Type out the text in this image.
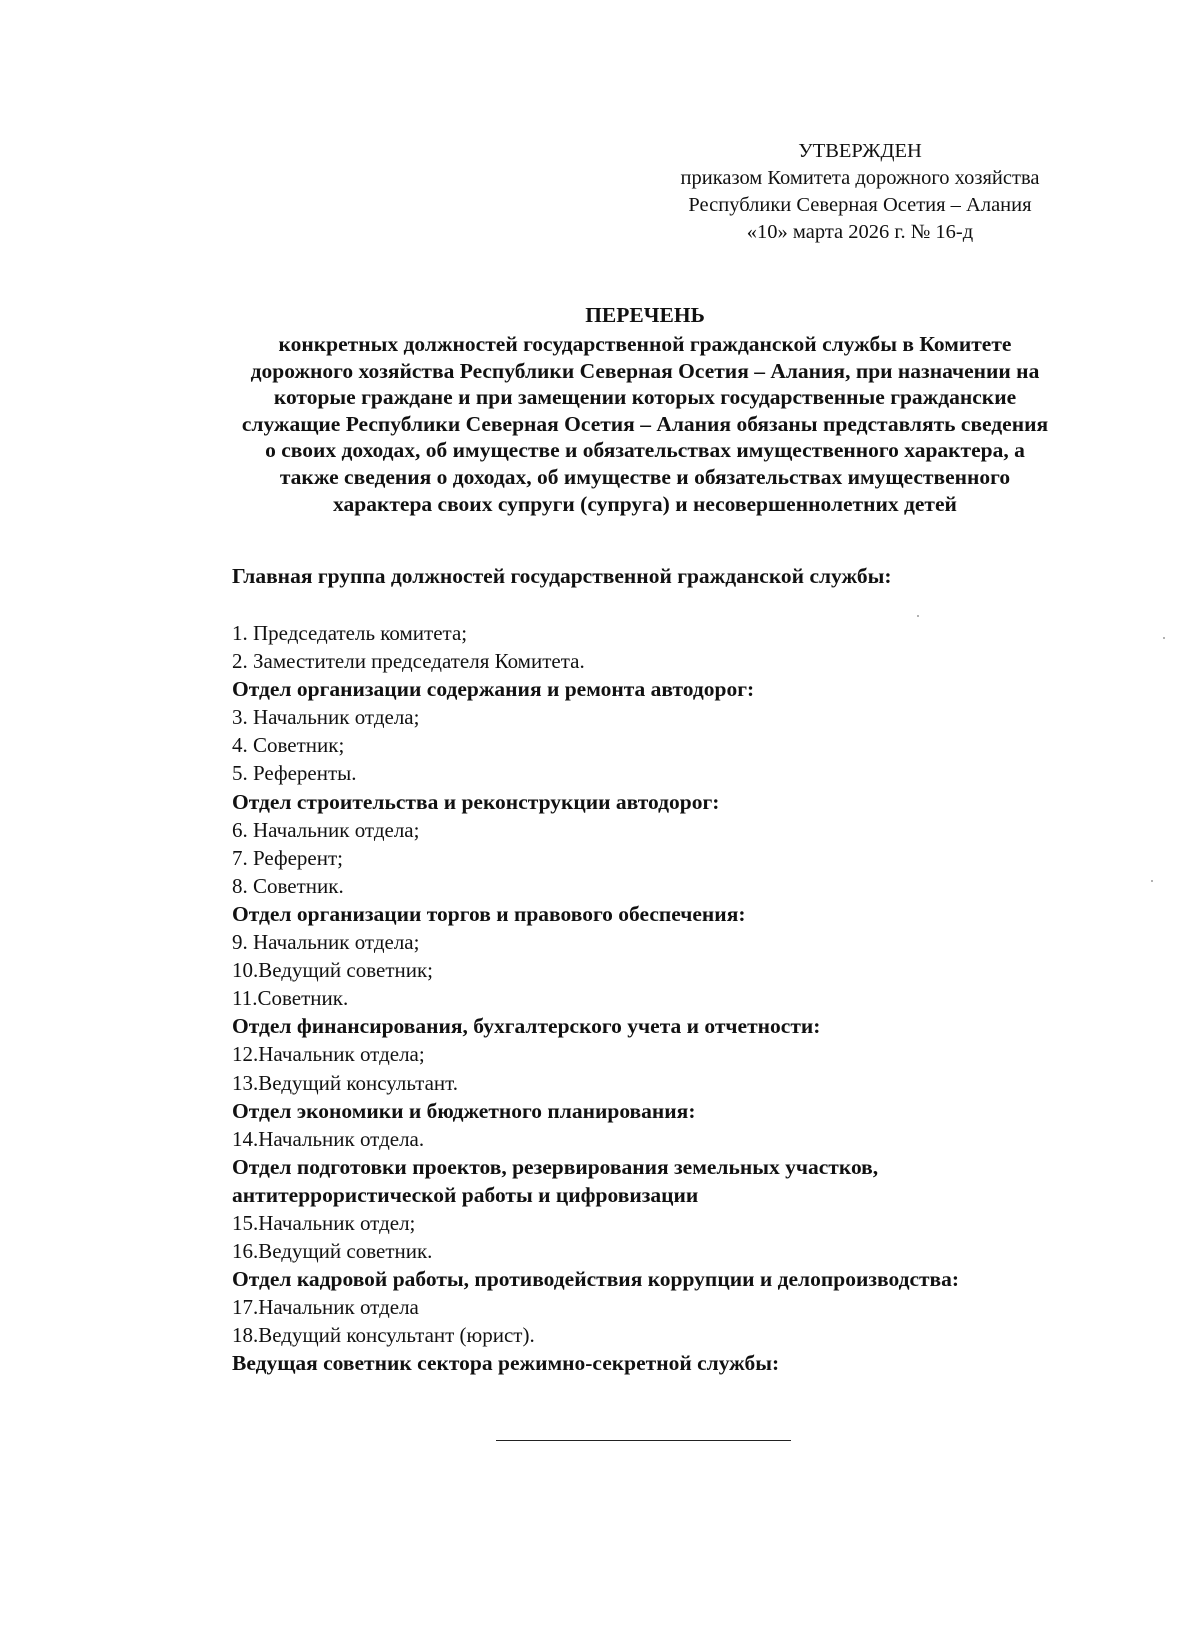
УТВЕРЖДЕН
приказом Комитета дорожного хозяйства
Республики Северная Осетия – Алания
«10» марта 2026 г. № 16-д
ПЕРЕЧЕНЬ
конкретных должностей государственной гражданской службы в Комитете
дорожного хозяйства Республики Северная Осетия – Алания, при назначении на
которые граждане и при замещении которых государственные гражданские
служащие Республики Северная Осетия – Алания обязаны представлять сведения
о своих доходах, об имуществе и обязательствах имущественного характера, а
также сведения о доходах, об имуществе и обязательствах имущественного
характера своих супруги (супруга) и несовершеннолетних детей
Главная группа должностей государственной гражданской службы:
1. Председатель комитета;
2. Заместители председателя Комитета.
Отдел организации содержания и ремонта автодорог:
3. Начальник отдела;
4. Советник;
5. Референты.
Отдел строительства и реконструкции автодорог:
6. Начальник отдела;
7. Референт;
8. Советник.
Отдел организации торгов и правового обеспечения:
9. Начальник отдела;
10.Ведущий советник;
11.Советник.
Отдел финансирования, бухгалтерского учета и отчетности:
12.Начальник отдела;
13.Ведущий консультант.
Отдел экономики и бюджетного планирования:
14.Начальник отдела.
Отдел подготовки проектов, резервирования земельных участков,
антитеррористической работы и цифровизации
15.Начальник отдел;
16.Ведущий советник.
Отдел кадровой работы, противодействия коррупции и делопроизводства:
17.Начальник отдела
18.Ведущий консультант (юрист).
Ведущая советник сектора режимно-секретной службы:
